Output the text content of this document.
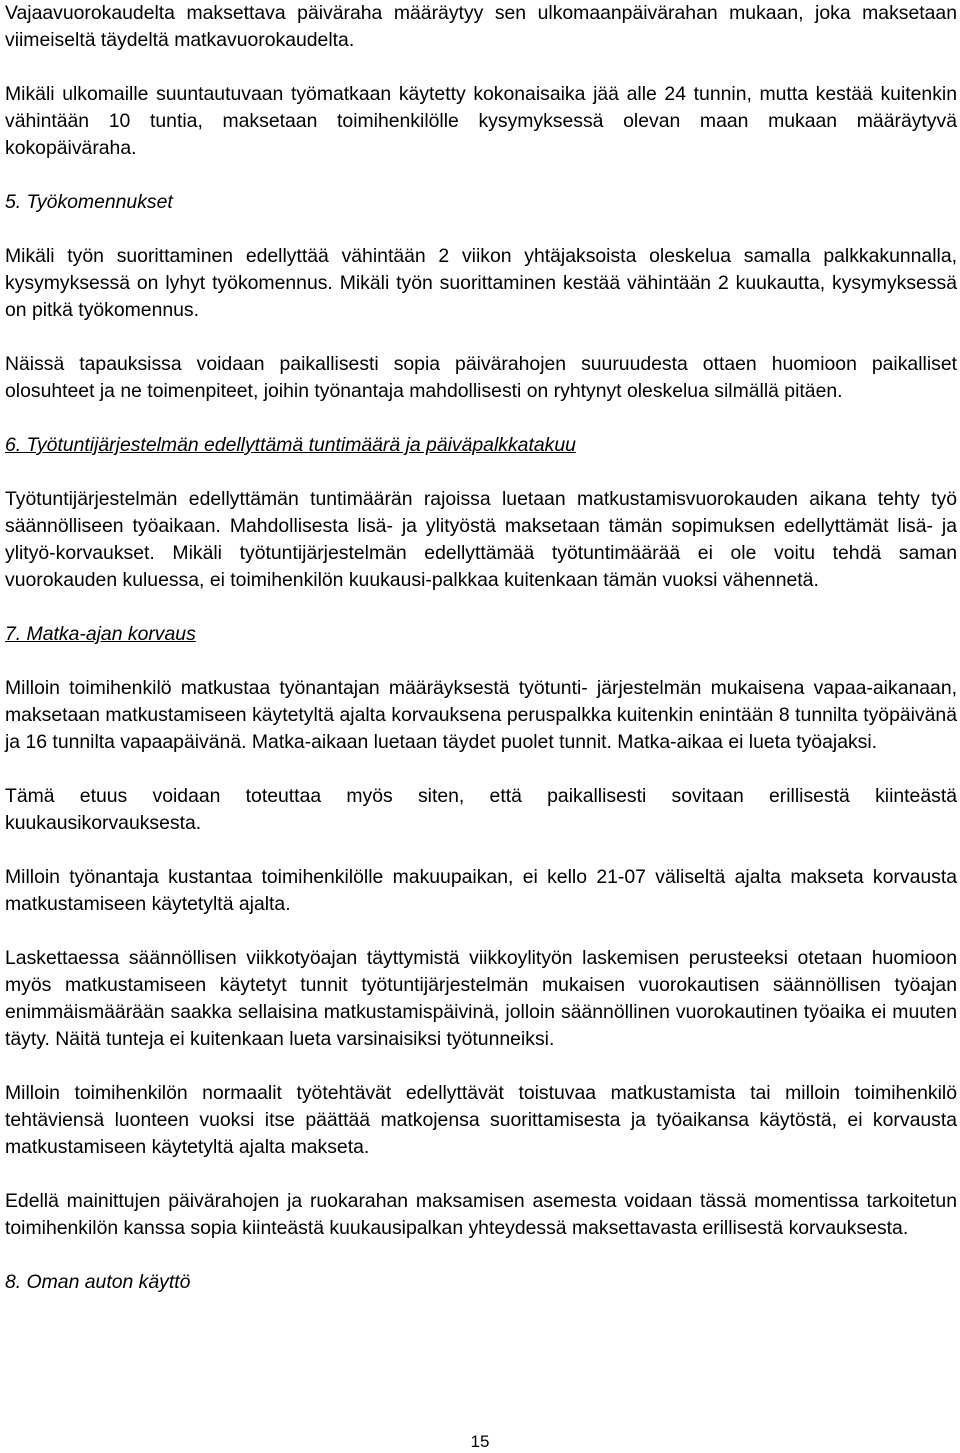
Vajaavuorokaudelta maksettava päiväraha määräytyy sen ulkomaanpäivärahan mukaan, joka maksetaan viimeiseltä täydeltä matkavuorokaudelta.

Mikäli ulkomaille suuntautuvaan työmatkaan käytetty kokonaisaika jää alle 24 tunnin, mutta kestää kuitenkin vähintään 10 tuntia, maksetaan toimihenkilölle kysymyksessä olevan maan mukaan määräytyvä kokopäiväraha.

5. Työkomennukset

Mikäli työn suorittaminen edellyttää vähintään 2 viikon yhtäjaksoista oleskelua samalla palkkakunnalla, kysymyksessä on lyhyt työkomennus. Mikäli työn suorittaminen kestää vähintään 2 kuukautta, kysymyksessä on pitkä työkomennus.

Näissä tapauksissa voidaan paikallisesti sopia päivärahojen suuruudesta ottaen huomioon paikalliset olosuhteet ja ne toimenpiteet, joihin työnantaja mahdollisesti on ryhtynyt oleskelua silmällä pitäen.

6. Työtuntijärjestelmän edellyttämä tuntimäärä ja päiväpalkkatakuu

Työtuntijärjestelmän edellyttämän tuntimäärän rajoissa luetaan matkustamisvuorokauden aikana tehty työ säännölliseen työaikaan. Mahdollisesta lisä- ja ylityöstä maksetaan tämän sopimuksen edellyttämät lisä- ja ylityö-korvaukset. Mikäli työtuntijärjestelmän edellyttämää työtuntimäärää ei ole voitu tehdä saman vuorokauden kuluessa, ei toimihenkilön kuukausi-palkkaa kuitenkaan tämän vuoksi vähennetä.

7. Matka-ajan korvaus

Milloin toimihenkilö matkustaa työnantajan määräyksestä työtunti- järjestelmän mukaisena vapaa-aikanaan, maksetaan matkustamiseen käytetyltä ajalta korvauksena peruspalkka kuitenkin enintään 8 tunnilta työpäivänä ja 16 tunnilta vapaapäivänä. Matka-aikaan luetaan täydet puolet tunnit. Matka-aikaa ei lueta työajaksi.

Tämä etuus voidaan toteuttaa myös siten, että paikallisesti sovitaan erillisestä kiinteästä kuukausikorvauksesta.

Milloin työnantaja kustantaa toimihenkilölle makuupaikan, ei kello 21-07 väliseltä ajalta makseta korvausta matkustamiseen käytetyltä ajalta.

Laskettaessa säännöllisen viikkotyöajan täyttymistä viikkoylityön laskemisen perusteeksi otetaan huomioon myös matkustamiseen käytetyt tunnit työtuntijärjestelmän mukaisen vuorokautisen säännöllisen työajan enimmäismäärään saakka sellaisina matkustamispäivinä, jolloin säännöllinen vuorokautinen työaika ei muuten täyty. Näitä tunteja ei kuitenkaan lueta varsinaisiksi työtunneiksi.

Milloin toimihenkilön normaalit työtehtävät edellyttävät toistuvaa matkustamista tai milloin toimihenkilö tehtäviensä luonteen vuoksi itse päättää matkojensa suorittamisesta ja työaikansa käytöstä, ei korvausta matkustamiseen käytetyltä ajalta makseta.

Edellä mainittujen päivärahojen ja ruokarahan maksamisen asemesta voidaan tässä momentissa tarkoitetun toimihenkilön kanssa sopia kiinteästä kuukausipalkan yhteydessä maksettavasta erillisestä korvauksesta.

8. Oman auton käyttö
15
